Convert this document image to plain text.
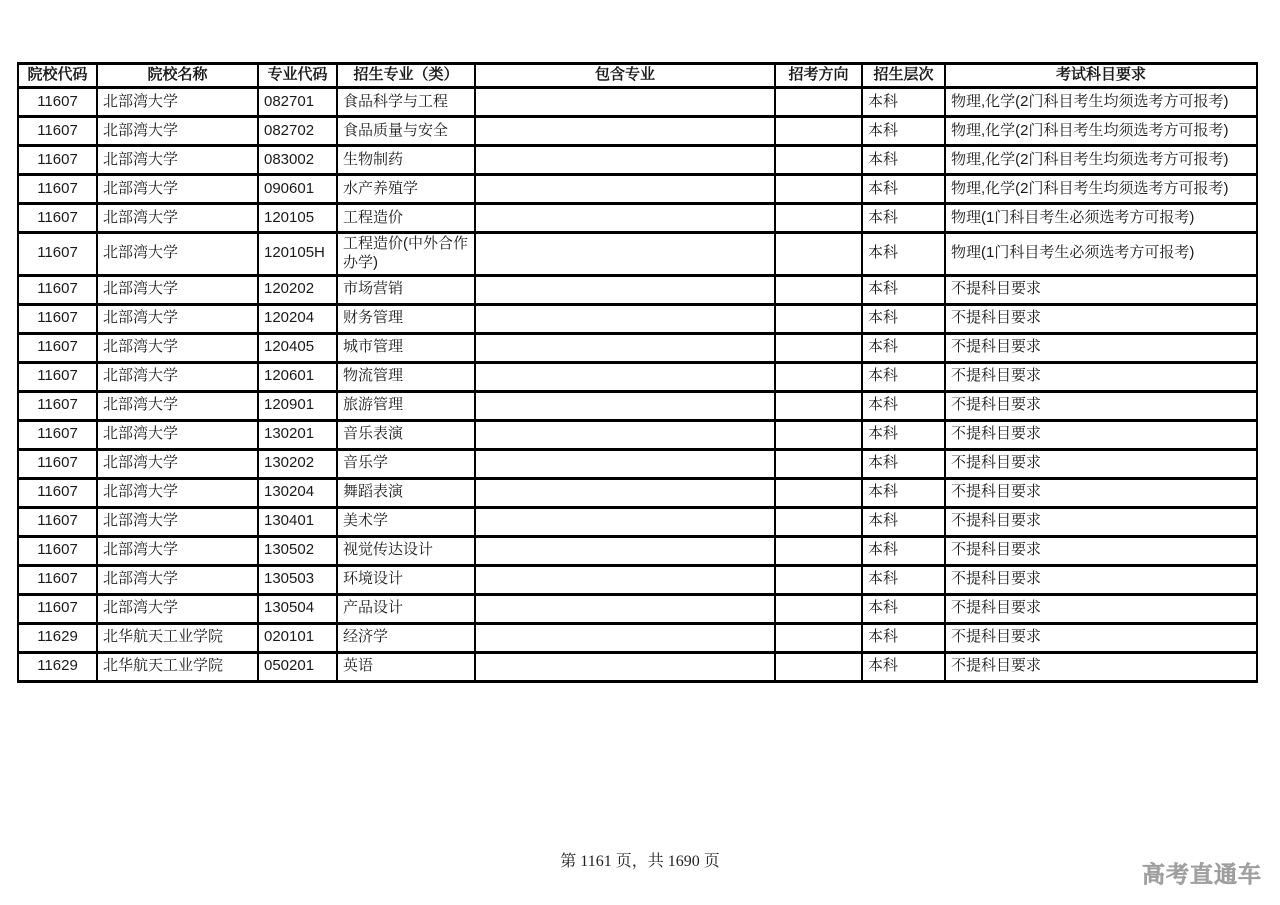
院校代码	院校名称	专业代码	招生专业（类）	包含专业	招考方向	招生层次	考试科目要求
11607	北部湾大学	082701	食品科学与工程			本科	物理,化学(2门科目考生均须选考方可报考)
11607	北部湾大学	082702	食品质量与安全			本科	物理,化学(2门科目考生均须选考方可报考)
11607	北部湾大学	083002	生物制药			本科	物理,化学(2门科目考生均须选考方可报考)
11607	北部湾大学	090601	水产养殖学			本科	物理,化学(2门科目考生均须选考方可报考)
11607	北部湾大学	120105	工程造价			本科	物理(1门科目考生必须选考方可报考)
11607	北部湾大学	120105H	工程造价(中外合作办学)			本科	物理(1门科目考生必须选考方可报考)
11607	北部湾大学	120202	市场营销			本科	不提科目要求
11607	北部湾大学	120204	财务管理			本科	不提科目要求
11607	北部湾大学	120405	城市管理			本科	不提科目要求
11607	北部湾大学	120601	物流管理			本科	不提科目要求
11607	北部湾大学	120901	旅游管理			本科	不提科目要求
11607	北部湾大学	130201	音乐表演			本科	不提科目要求
11607	北部湾大学	130202	音乐学			本科	不提科目要求
11607	北部湾大学	130204	舞蹈表演			本科	不提科目要求
11607	北部湾大学	130401	美术学			本科	不提科目要求
11607	北部湾大学	130502	视觉传达设计			本科	不提科目要求
11607	北部湾大学	130503	环境设计			本科	不提科目要求
11607	北部湾大学	130504	产品设计			本科	不提科目要求
11629	北华航天工业学院	020101	经济学			本科	不提科目要求
11629	北华航天工业学院	050201	英语			本科	不提科目要求
第 1161 页，共 1690 页	高考直通车
